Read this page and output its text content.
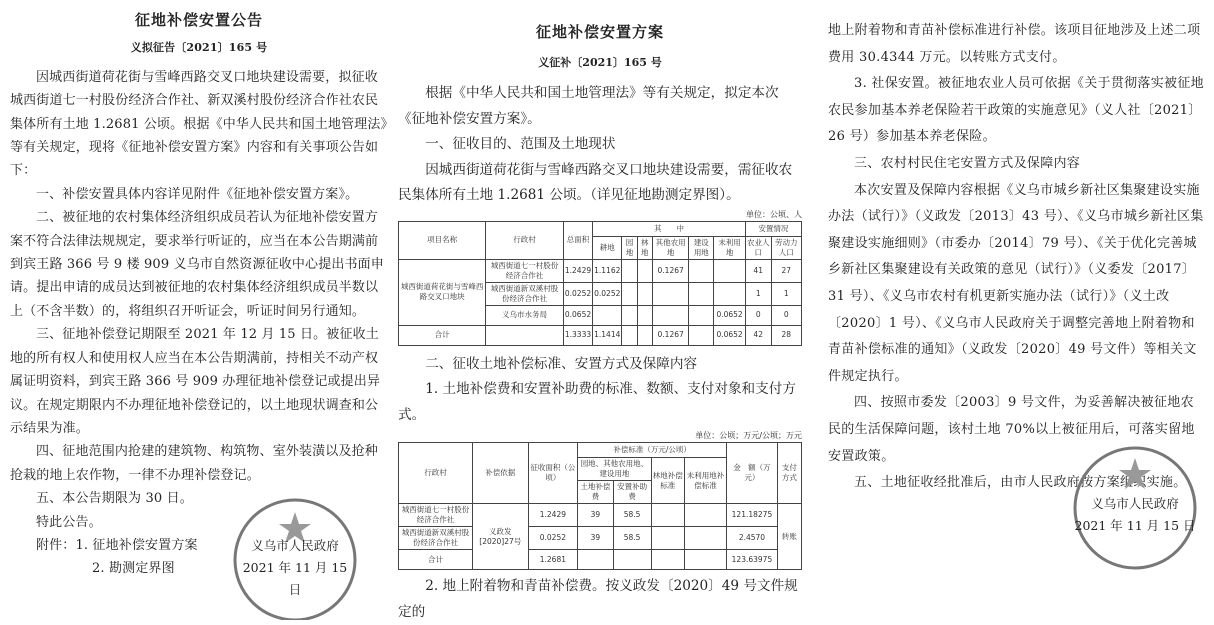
征地补偿安置公告
义拟征告〔2021〕165 号
因城西街道荷花街与雪峰西路交叉口地块建设需要，拟征收城西街道七一村股份经济合作社、新双溪村股份经济合作社农民集体所有土地 1.2681 公顷。根据《中华人民共和国土地管理法》等有关规定，现将《征地补偿安置方案》内容和有关事项公告如下：
一、补偿安置具体内容详见附件《征地补偿安置方案》。
二、被征地的农村集体经济组织成员若认为征地补偿安置方案不符合法律法规规定，要求举行听证的，应当在本公告期满前到宾王路 366 号 9 楼 909 义乌市自然资源征收中心提出书面申请。提出申请的成员达到被征地的农村集体经济组织成员半数以上（不含半数）的，将组织召开听证会，听证时间另行通知。
三、征地补偿登记期限至 2021 年 12 月 15 日。被征收土地的所有权人和使用权人应当在本公告期满前，持相关不动产权属证明资料，到宾王路 366 号 909 办理征地补偿登记或提出异议。在规定期限内不办理征地补偿登记的，以土地现状调查和公示结果为准。
四、征地范围内抢建的建筑物、构筑物、室外装潢以及抢种抢栽的地上农作物，一律不办理补偿登记。
五、本公告期限为 30 日。
特此公告。
附件：1. 征地补偿安置方案
2. 勘测定界图
义乌市人民政府
2021 年 11 月 15 日
征地补偿安置方案
义征补〔2021〕165 号
根据《中华人民共和国土地管理法》等有关规定，拟定本次《征地补偿安置方案》。
一、征收目的、范围及土地现状
因城西街道荷花街与雪峰西路交叉口地块建设需要，需征收农民集体所有土地 1.2681 公顷。（详见征地勘测定界图）。
单位：公顷、人
项目名称	行政村	总面积	其　　中						安置情况	
			耕地	园地	林地	其他农用地	建设用地	未利用地	农业人口	劳动力人口
城西街道荷花街与雪峰西路交叉口地块	城西街道七一村股份经济合作社	1.2429	1.1162			0.1267			41	27
	城西街道新双溪村股份经济合作社	0.0252	0.0252						1	1
	义乌市水务局	0.0652						0.0652	0	0
合计		1.3333	1.1414			0.1267		0.0652	42	28
二、征收土地补偿标准、安置方式及保障内容
1. 土地补偿费和安置补助费的标准、数额、支付对象和支付方式。
单位：公顷；万元/公顷；万元
行政村	补偿依据	征收面积（公顷）	补偿标准（万元/公顷）				金　额（万元）	支付方式
			园地、其他农用地、建设用地		林地补偿标准	未利用地补偿标准		
			土地补偿费	安置补助费				
城西街道七一村股份经济合作社	义政发[2020]27号	1.2429	39	58.5			121.18275	转账
城西街道新双溪村股份经济合作社		0.0252	39	58.5			2.4570	
合计		1.2681					123.63975	
2. 地上附着物和青苗补偿费。按义政发〔2020〕49 号文件规定的
地上附着物和青苗补偿标准进行补偿。该项目征地涉及上述二项费用 30.4344 万元。以转账方式支付。
3. 社保安置。被征地农业人员可依据《关于贯彻落实被征地农民参加基本养老保险若干政策的实施意见》（义人社〔2021〕26 号）参加基本养老保险。
三、农村村民住宅安置方式及保障内容
本次安置及保障内容根据《义乌市城乡新社区集聚建设实施办法（试行）》（义政发〔2013〕43 号）、《义乌市城乡新社区集聚建设实施细则》（市委办〔2014〕79 号）、《关于优化完善城乡新社区集聚建设有关政策的意见（试行）》（义委发〔2017〕31 号）、《义乌市农村有机更新实施办法（试行）》（义土改〔2020〕1 号）、《义乌市人民政府关于调整完善地上附着物和青苗补偿标准的通知》（义政发〔2020〕49 号文件）等相关文件规定执行。
四、按照市委发〔2003〕9 号文件，为妥善解决被征地农民的生活保障问题，该村土地 70%以上被征用后，可落实留地安置政策。
五、土地征收经批准后，由市人民政府按方案组织实施。
义乌市人民政府
2021 年 11 月 15 日
